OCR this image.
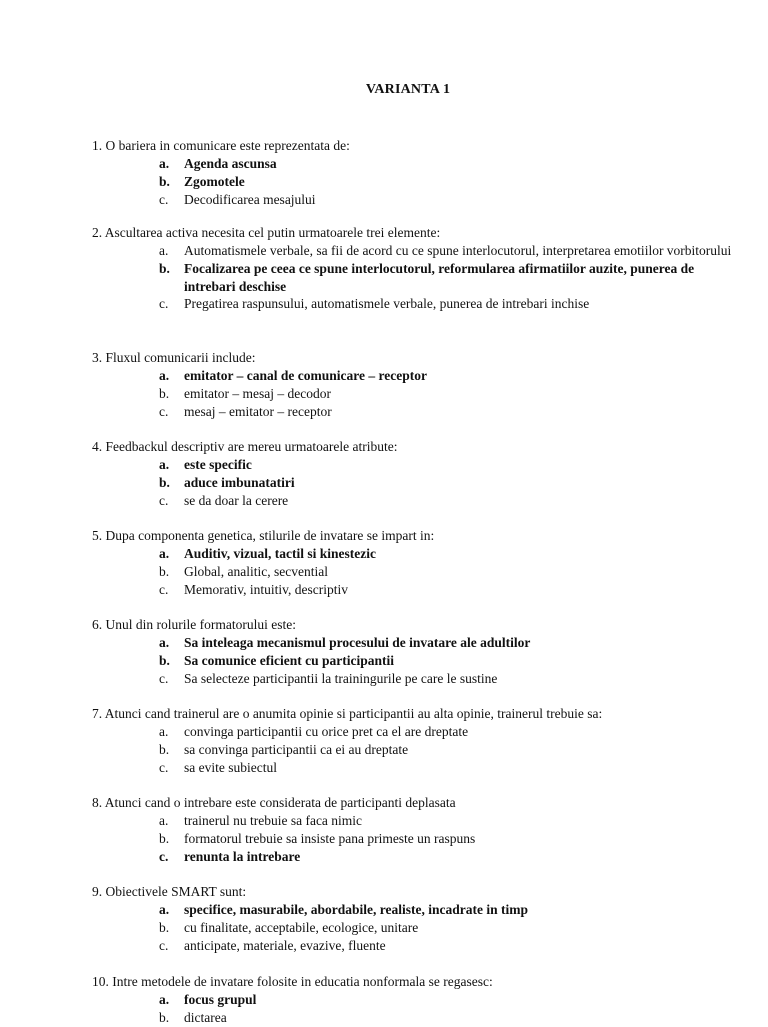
VARIANTA 1
1. O bariera in comunicare este reprezentata de:
a. Agenda ascunsa
b. Zgomotele
c. Decodificarea mesajului
2. Ascultarea activa necesita cel putin urmatoarele trei elemente:
a. Automatismele verbale, sa fii de acord cu ce spune interlocutorul, interpretarea emotiilor vorbitorului
b. Focalizarea pe ceea ce spune interlocutorul, reformularea afirmatiilor auzite, punerea de intrebari deschise
c. Pregatirea raspunsului, automatismele verbale, punerea de intrebari inchise
3. Fluxul comunicarii include:
a. emitator – canal de comunicare – receptor
b. emitator – mesaj – decodor
c. mesaj – emitator – receptor
4. Feedbackul descriptiv are mereu urmatoarele atribute:
a. este specific
b. aduce imbunatatiri
c. se da doar la cerere
5. Dupa componenta genetica, stilurile de invatare se impart in:
a. Auditiv, vizual, tactil si kinestezic
b. Global, analitic, secvential
c. Memorativ, intuitiv, descriptiv
6. Unul din rolurile formatorului este:
a. Sa inteleaga mecanismul procesului de invatare ale adultilor
b. Sa comunice eficient cu participantii
c. Sa selecteze participantii la trainingurile pe care le sustine
7. Atunci cand trainerul are o anumita opinie si participantii au alta opinie, trainerul trebuie sa:
a. convinga participantii cu orice pret ca el are dreptate
b. sa convinga participantii ca ei au dreptate
c. sa evite subiectul
8. Atunci cand o intrebare este considerata de participanti deplasata
a. trainerul nu trebuie sa faca nimic
b. formatorul trebuie sa insiste pana primeste un raspuns
c. renunta la intrebare
9. Obiectivele SMART sunt:
a. specifice, masurabile, abordabile, realiste, incadrate in timp
b. cu finalitate, acceptabile, ecologice, unitare
c. anticipate, materiale, evazive, fluente
10. Intre metodele de invatare folosite in educatia nonformala se regasesc:
a. focus grupul
b. dictarea
